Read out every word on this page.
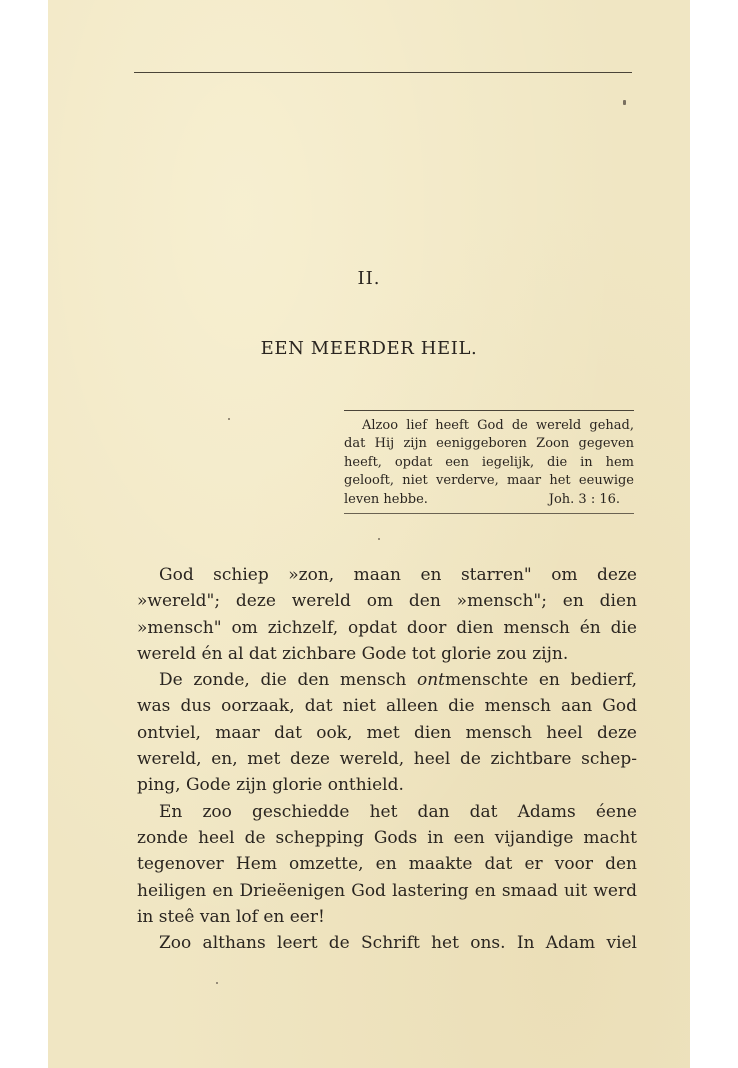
II.
EEN MEERDER HEIL.
Alzoo lief heeft God de wereld gehad,
dat Hij zijn eeniggeboren Zoon gegeven
heeft, opdat een iegelijk, die in hem
gelooft, niet verderve, maar het eeuwige
leven hebbe.	Joh. 3 : 16.
God schiep »zon, maan en starren" om deze
»wereld"; deze wereld om den »mensch"; en dien
»mensch" om zichzelf, opdat door dien mensch én die
wereld én al dat zichbare Gode tot glorie zou zijn.
De zonde, die den mensch ontmenschte en bedierf,
was dus oorzaak, dat niet alleen die mensch aan God
ontviel, maar dat ook, met dien mensch heel deze
wereld, en, met deze wereld, heel de zichtbare schep-
ping, Gode zijn glorie onthield.
En zoo geschiedde het dan dat Adams éene
zonde heel de schepping Gods in een vijandige macht
tegenover Hem omzette, en maakte dat er voor den
heiligen en Drieëenigen God lastering en smaad uit werd
in steê van lof en eer!
Zoo althans leert de Schrift het ons. In Adam viel
